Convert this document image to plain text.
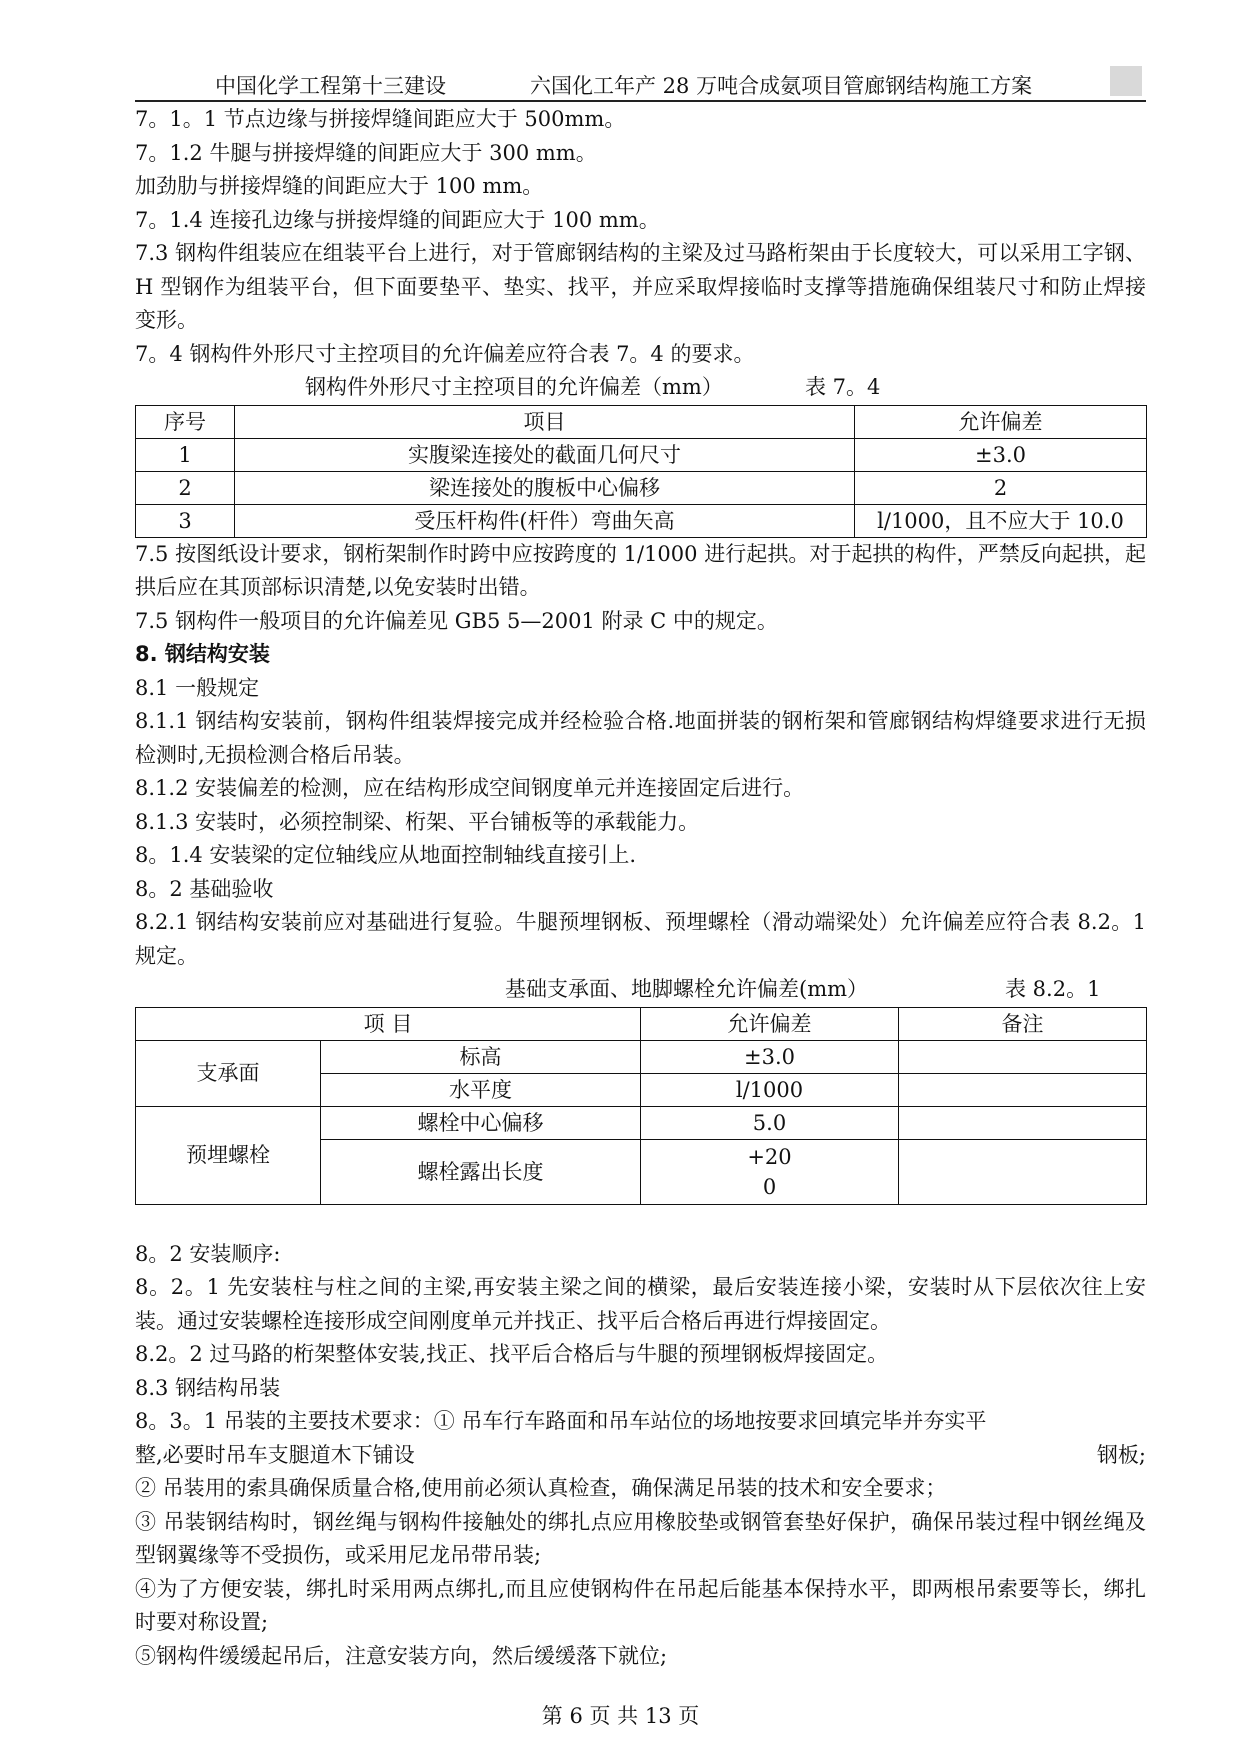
中国化学工程第十三建设	六国化工年产 28 万吨合成氨项目管廊钢结构施工方案

7。1。1 节点边缘与拼接焊缝间距应大于 500mm。

7。1.2 牛腿与拼接焊缝的间距应大于 300 mm。

加劲肋与拼接焊缝的间距应大于 100 mm。

7。1.4 连接孔边缘与拼接焊缝的间距应大于 100 mm。

7.3 钢构件组装应在组装平台上进行，对于管廊钢结构的主梁及过马路桁架由于长度较大，可以采用工字钢、H 型钢作为组装平台，但下面要垫平、垫实、找平，并应采取焊接临时支撑等措施确保组装尺寸和防止焊接变形。

7。4 钢构件外形尺寸主控项目的允许偏差应符合表 7。4 的要求。

钢构件外形尺寸主控项目的允许偏差（mm）	表 7。4
序号	项目	允许偏差
1	实腹梁连接处的截面几何尺寸	±3.0
2	梁连接处的腹板中心偏移	2
3	受压杆构件(杆件）弯曲矢高	l/1000，且不应大于 10.0

7.5 按图纸设计要求，钢桁架制作时跨中应按跨度的 1/1000 进行起拱。对于起拱的构件，严禁反向起拱，起拱后应在其顶部标识清楚,以免安装时出错。

7.5 钢构件一般项目的允许偏差见 GB5 5—2001 附录 C 中的规定。

8. 钢结构安装

8.1 一般规定

8.1.1 钢结构安装前，钢构件组装焊接完成并经检验合格.地面拼装的钢桁架和管廊钢结构焊缝要求进行无损检测时,无损检测合格后吊装。

8.1.2 安装偏差的检测，应在结构形成空间钢度单元并连接固定后进行。

8.1.3 安装时，必须控制梁、桁架、平台铺板等的承载能力。

8。1.4 安装梁的定位轴线应从地面控制轴线直接引上.

8。2 基础验收

8.2.1 钢结构安装前应对基础进行复验。牛腿预埋钢板、预埋螺栓（滑动端梁处）允许偏差应符合表 8.2。1 规定。

基础支承面、地脚螺栓允许偏差(mm）	表 8.2。1
项 目		允许偏差	备注
支承面	标高	±3.0	
	水平度	l/1000	
预埋螺栓	螺栓中心偏移	5.0	
	螺栓露出长度	+20
0	

8。2 安装顺序:

8。2。1 先安装柱与柱之间的主梁,再安装主梁之间的横梁，最后安装连接小梁，安装时从下层依次往上安装。通过安装螺栓连接形成空间刚度单元并找正、找平后合格后再进行焊接固定。

8.2。2 过马路的桁架整体安装,找正、找平后合格后与牛腿的预埋钢板焊接固定。

8.3 钢结构吊装

8。3。1 吊装的主要技术要求：① 吊车行车路面和吊车站位的场地按要求回填完毕并夯实平

整,必要时吊车支腿道木下铺设	钢板;

② 吊装用的索具确保质量合格,使用前必须认真检查，确保满足吊装的技术和安全要求；

③ 吊装钢结构时，钢丝绳与钢构件接触处的绑扎点应用橡胶垫或钢管套垫好保护，确保吊装过程中钢丝绳及型钢翼缘等不受损伤，或采用尼龙吊带吊装;

④为了方便安装，绑扎时采用两点绑扎,而且应使钢构件在吊起后能基本保持水平，即两根吊索要等长，绑扎时要对称设置;

⑤钢构件缓缓起吊后，注意安装方向，然后缓缓落下就位;

第 6 页 共 13 页
